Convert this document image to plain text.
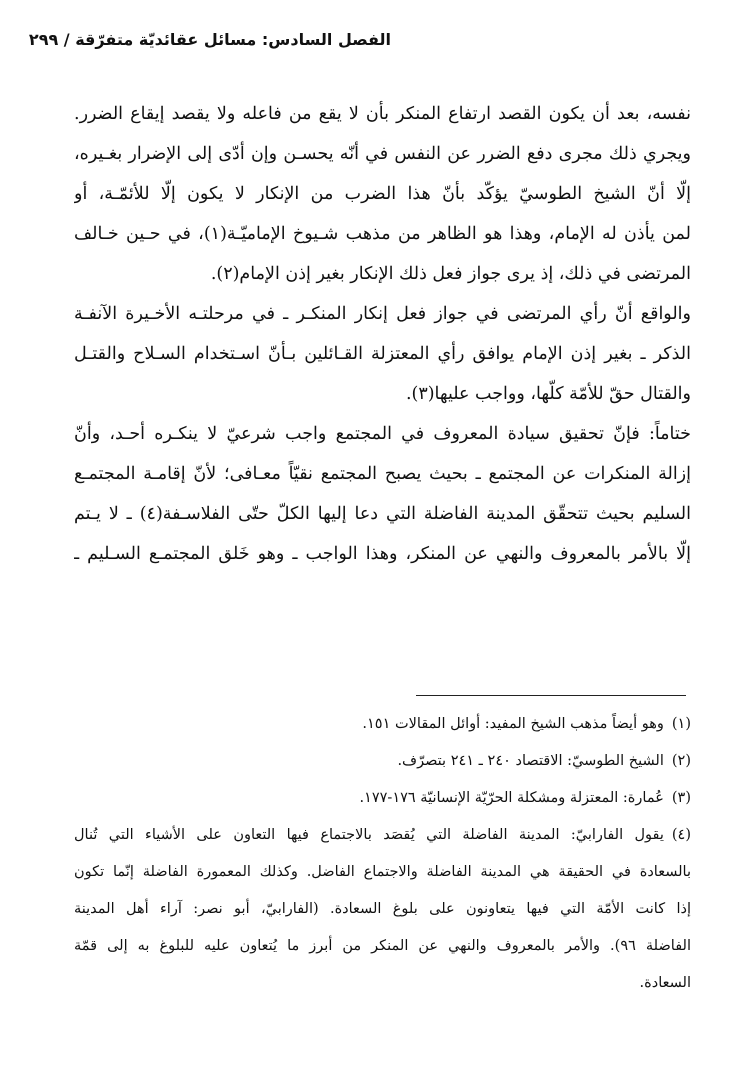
الفصل السادس: مسائل عقائديّة متفرّقة / ٢٩٩
نفسه، بعد أن يكون القصد ارتفاع المنكر بأن لا يقع من فاعله ولا يقصد إيقاع الضرر.
ويجري ذلك مجرى دفع الضرر عن النفس في أنّه يحسـن وإن أدّى إلى الإضرار بغـيره،
إلّا أنّ الشيخ الطوسيّ يؤكّد بأنّ هذا الضرب من الإنكار لا يكون إلّا للأئمّـة، أو
لمن يأذن له الإمام، وهذا هو الظاهر من مذهب شـيوخ الإماميّـة(١)، في حـين خـالف
المرتضى في ذلك، إذ يرى جواز فعل ذلك الإنكار بغير إذن الإمام(٢).
والواقع أنّ رأي المرتضى في جواز فعل إنكار المنكـر ـ في مرحلتـه الأخـيرة الآنفـة
الذكر ـ بغير إذن الإمام يوافق رأي المعتزلة القـائلين بـأنّ اسـتخدام السـلاح والقتـل
والقتال حقّ للأمّة كلّها، وواجب عليها(٣).
ختاماً: فإنّ تحقيق سيادة المعروف في المجتمع واجب شرعيّ لا ينكـره أحـد، وأنّ
إزالة المنكرات عن المجتمع ـ بحيث يصبح المجتمع نقيّاً معـافى؛ لأنّ إقامـة المجتمـع
السليم بحيث تتحقّق المدينة الفاضلة التي دعا إليها الكلّ حتّى الفلاسـفة(٤) ـ لا يـتم
إلّا بالأمر بالمعروف والنهي عن المنكر، وهذا الواجب ـ وهو خَلق المجتمـع السـليم ـ
(١)وهو أيضاً مذهب الشيخ المفيد: أوائل المقالات ١٥١.
(٢)الشيخ الطوسيّ: الاقتصاد ٢٤٠ ـ ٢٤١ بتصرّف.
(٣)عُمارة: المعتزلة ومشكلة الحرّيّة الإنسانيّة ١٧٦-١٧٧.
(٤)يقول الفارابيّ: المدينة الفاضلة التي يُقصَد بالاجتماع فيها التعاون على الأشياء التي تُنال
بالسعادة في الحقيقة هي المدينة الفاضلة والاجتماع الفاضل. وكذلك المعمورة الفاضلة إنّما تكون
إذا كانت الأمّة التي فيها يتعاونون على بلوغ السعادة. (الفارابيّ، أبو نصر: آراء أهل المدينة
الفاضلة ٩٦). والأمر بالمعروف والنهي عن المنكر من أبرز ما يُتعاون عليه للبلوغ به إلى قمّة
السعادة.
